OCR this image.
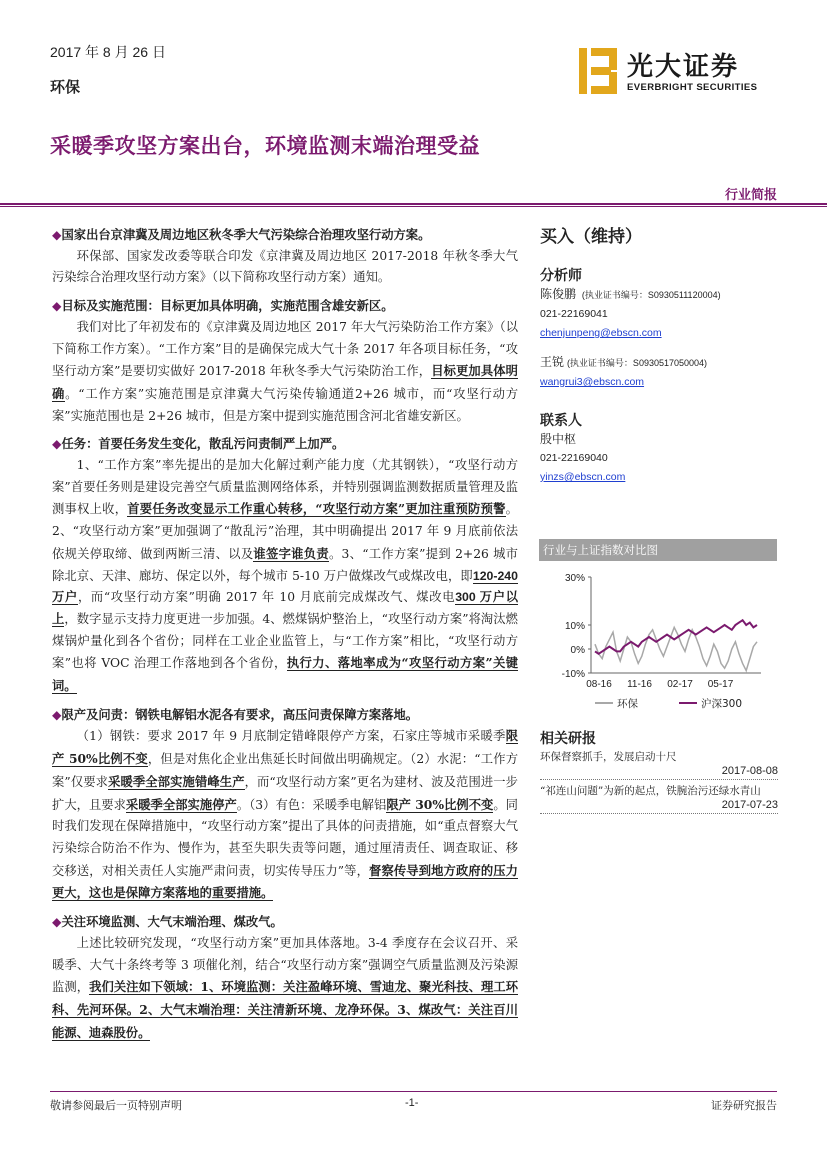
2017 年 8 月 26 日
环保
光大证券
EVERBRIGHT SECURITIES
采暖季攻坚方案出台，环境监测末端治理受益
行业简报
◆国家出台京津冀及周边地区秋冬季大气污染综合治理攻坚行动方案。
环保部、国家发改委等联合印发《京津冀及周边地区 2017-2018 年秋冬季大气污染综合治理攻坚行动方案》（以下简称攻坚行动方案）通知。
◆目标及实施范围：目标更加具体明确，实施范围含雄安新区。
我们对比了年初发布的《京津冀及周边地区 2017 年大气污染防治工作方案》（以下简称工作方案）。“工作方案”目的是确保完成大气十条 2017 年各项目标任务，“攻坚行动方案”是要切实做好 2017-2018 年秋冬季大气污染防治工作，目标更加具体明确。“工作方案”实施范围是京津冀大气污染传输通道2+26 城市，而“攻坚行动方案”实施范围也是 2+26 城市，但是方案中提到实施范围含河北省雄安新区。
◆任务：首要任务发生变化，散乱污问责制严上加严。
1、“工作方案”率先提出的是加大化解过剩产能力度（尤其钢铁），“攻坚行动方案”首要任务则是建设完善空气质量监测网络体系，并特别强调监测数据质量管理及监测事权上收，首要任务改变显示工作重心转移，“攻坚行动方案”更加注重预防预警。2、“攻坚行动方案”更加强调了“散乱污”治理，其中明确提出 2017 年 9 月底前依法依规关停取缔、做到两断三清、以及谁签字谁负责。3、“工作方案”提到 2+26 城市除北京、天津、廊坊、保定以外，每个城市 5-10 万户做煤改气或煤改电，即120-240 万户，而“攻坚行动方案”明确 2017 年 10 月底前完成煤改气、煤改电300 万户以上，数字显示支持力度更进一步加强。4、燃煤锅炉整治上，“攻坚行动方案”将淘汰燃煤锅炉量化到各个省份；同样在工业企业监管上，与“工作方案”相比，“攻坚行动方案”也将 VOC 治理工作落地到各个省份，执行力、落地率成为“攻坚行动方案”关键词。
◆限产及问责：钢铁电解铝水泥各有要求，高压问责保障方案落地。
（1）钢铁：要求 2017 年 9 月底制定错峰限停产方案，石家庄等城市采暖季限产 50%比例不变，但是对焦化企业出焦延长时间做出明确规定。（2）水泥：“工作方案”仅要求采暖季全部实施错峰生产，而“攻坚行动方案”更名为建材、波及范围进一步扩大，且要求采暖季全部实施停产。（3）有色：采暖季电解铝限产 30%比例不变。同时我们发现在保障措施中，“攻坚行动方案”提出了具体的问责措施，如“重点督察大气污染综合防治不作为、慢作为，甚至失职失责等问题，通过厘清责任、调查取证、移交移送，对相关责任人实施严肃问责，切实传导压力”等，督察传导到地方政府的压力更大，这也是保障方案落地的重要措施。
◆关注环境监测、大气末端治理、煤改气。
上述比较研究发现，“攻坚行动方案”更加具体落地。3-4 季度存在会议召开、采暖季、大气十条终考等 3 项催化剂，结合“攻坚行动方案”强调空气质量监测及污染源监测，我们关注如下领域：1、环境监测：关注盈峰环境、雪迪龙、聚光科技、理工环科、先河环保。2、大气末端治理：关注清新环境、龙净环保。3、煤改气：关注百川能源、迪森股份。
买入（维持）
分析师
陈俊鹏 (执业证书编号：S0930511120004)
021-22169041
chenjunpeng@ebscn.com
王锐 (执业证书编号：S0930517050004)
wangrui3@ebscn.com
联系人
殷中枢
021-22169040
yinzs@ebscn.com
行业与上证指数对比图
30%
10%
0%
-10%
08-16 11-16 02-17 05-17
环保	沪深300
相关研报
环保督察抓手，发展启动十尺
2017-08-08
“祁连山问题”为新的起点，铁腕治污还绿水青山
2017-07-23
敬请参阅最后一页特别声明	-1-	证券研究报告
